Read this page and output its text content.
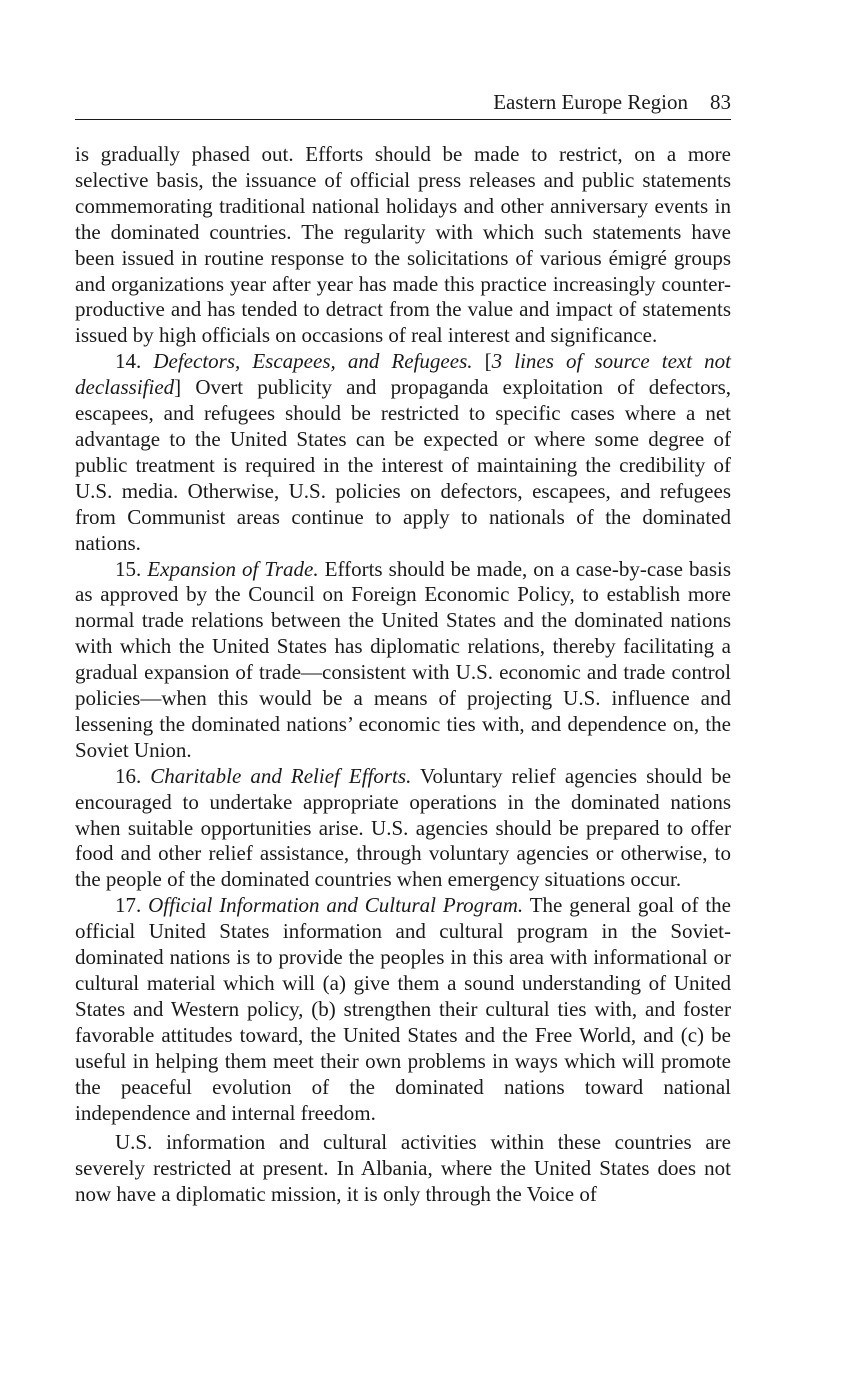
Eastern Europe Region 83

is gradually phased out. Efforts should be made to restrict, on a more selective basis, the issuance of official press releases and public statements commemorating traditional national holidays and other anniversary events in the dominated countries. The regularity with which such statements have been issued in routine response to the solicitations of various émigré groups and organizations year after year has made this practice increasingly counter-productive and has tended to detract from the value and impact of statements issued by high officials on occasions of real interest and significance.

14. Defectors, Escapees, and Refugees. [3 lines of source text not declassified] Overt publicity and propaganda exploitation of defectors, escapees, and refugees should be restricted to specific cases where a net advantage to the United States can be expected or where some degree of public treatment is required in the interest of maintaining the credibility of U.S. media. Otherwise, U.S. policies on defectors, escapees, and refugees from Communist areas continue to apply to nationals of the dominated nations.

15. Expansion of Trade. Efforts should be made, on a case-by-case basis as approved by the Council on Foreign Economic Policy, to establish more normal trade relations between the United States and the dominated nations with which the United States has diplomatic relations, thereby facilitating a gradual expansion of trade—consistent with U.S. economic and trade control policies—when this would be a means of projecting U.S. influence and lessening the dominated nations’ economic ties with, and dependence on, the Soviet Union.

16. Charitable and Relief Efforts. Voluntary relief agencies should be encouraged to undertake appropriate operations in the dominated nations when suitable opportunities arise. U.S. agencies should be prepared to offer food and other relief assistance, through voluntary agencies or otherwise, to the people of the dominated countries when emergency situations occur.

17. Official Information and Cultural Program. The general goal of the official United States information and cultural program in the Soviet-dominated nations is to provide the peoples in this area with informational or cultural material which will (a) give them a sound understanding of United States and Western policy, (b) strengthen their cultural ties with, and foster favorable attitudes toward, the United States and the Free World, and (c) be useful in helping them meet their own problems in ways which will promote the peaceful evolution of the dominated nations toward national independence and internal freedom.

U.S. information and cultural activities within these countries are severely restricted at present. In Albania, where the United States does not now have a diplomatic mission, it is only through the Voice of
